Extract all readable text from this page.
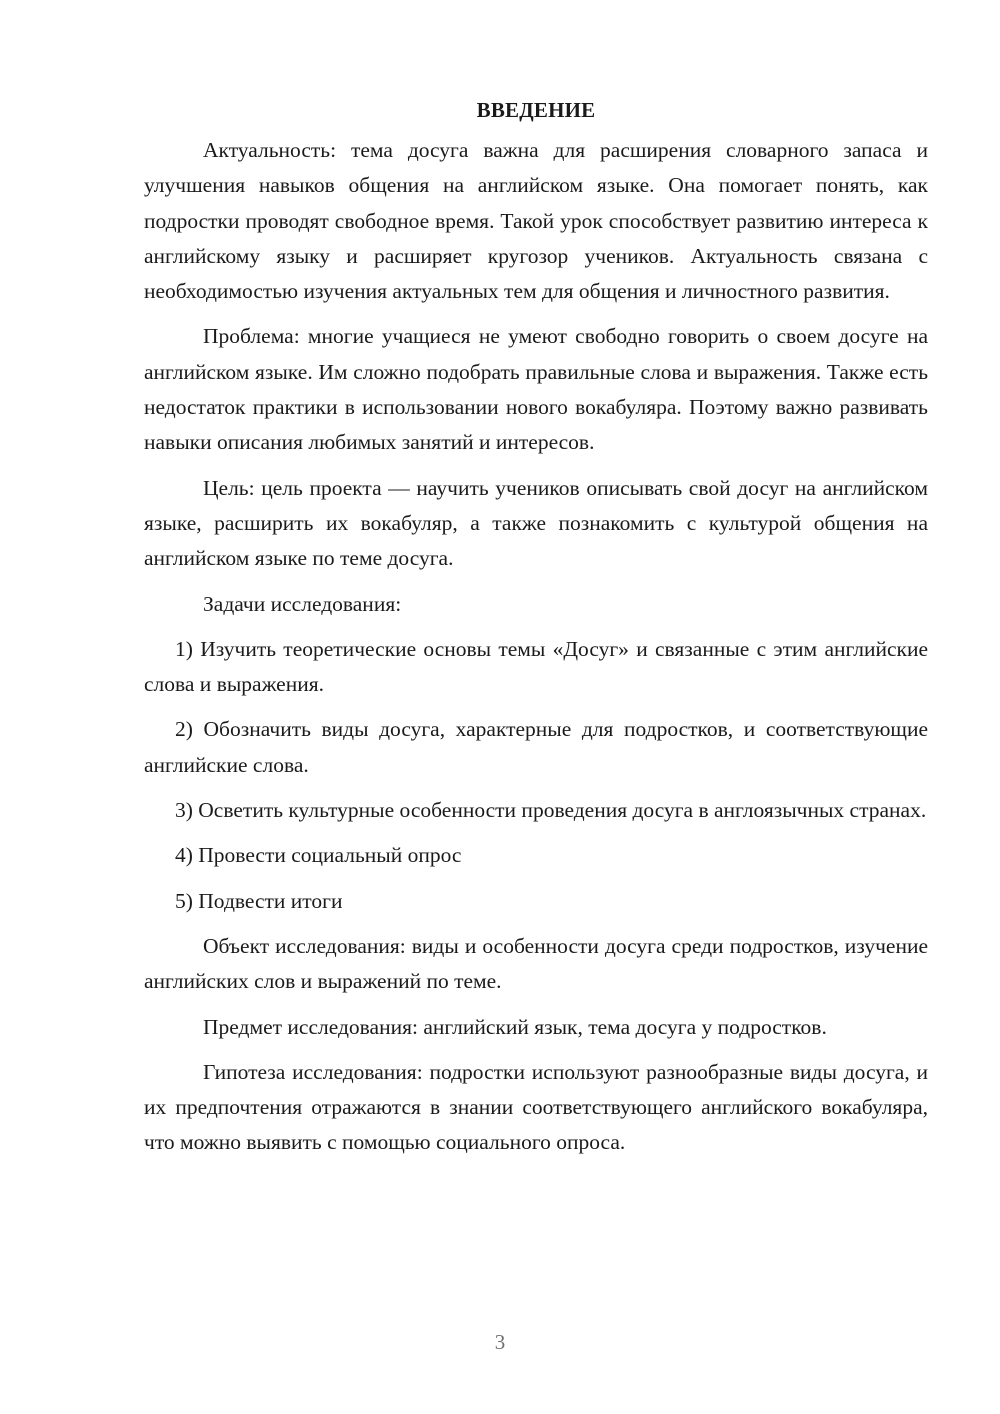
ВВЕДЕНИЕ

Актуальность: тема досуга важна для расширения словарного запаса и улучшения навыков общения на английском языке. Она помогает понять, как подростки проводят свободное время. Такой урок способствует развитию интереса к английскому языку и расширяет кругозор учеников. Актуальность связана с необходимостью изучения актуальных тем для общения и личностного развития.

Проблема: многие учащиеся не умеют свободно говорить о своем досуге на английском языке. Им сложно подобрать правильные слова и выражения. Также есть недостаток практики в использовании нового вокабуляра. Поэтому важно развивать навыки описания любимых занятий и интересов.

Цель: цель проекта — научить учеников описывать свой досуг на английском языке, расширить их вокабуляр, а также познакомить с культурой общения на английском языке по теме досуга.

Задачи исследования:

1) Изучить теоретические основы темы «Досуг» и связанные с этим английские слова и выражения.

2) Обозначить виды досуга, характерные для подростков, и соответствующие английские слова.

3) Осветить культурные особенности проведения досуга в англоязычных странах.

4) Провести социальный опрос

5) Подвести итоги

Объект исследования: виды и особенности досуга среди подростков, изучение английских слов и выражений по теме.

Предмет исследования: английский язык, тема досуга у подростков.

Гипотеза исследования: подростки используют разнообразные виды досуга, и их предпочтения отражаются в знании соответствующего английского вокабуляра, что можно выявить с помощью социального опроса.

3
